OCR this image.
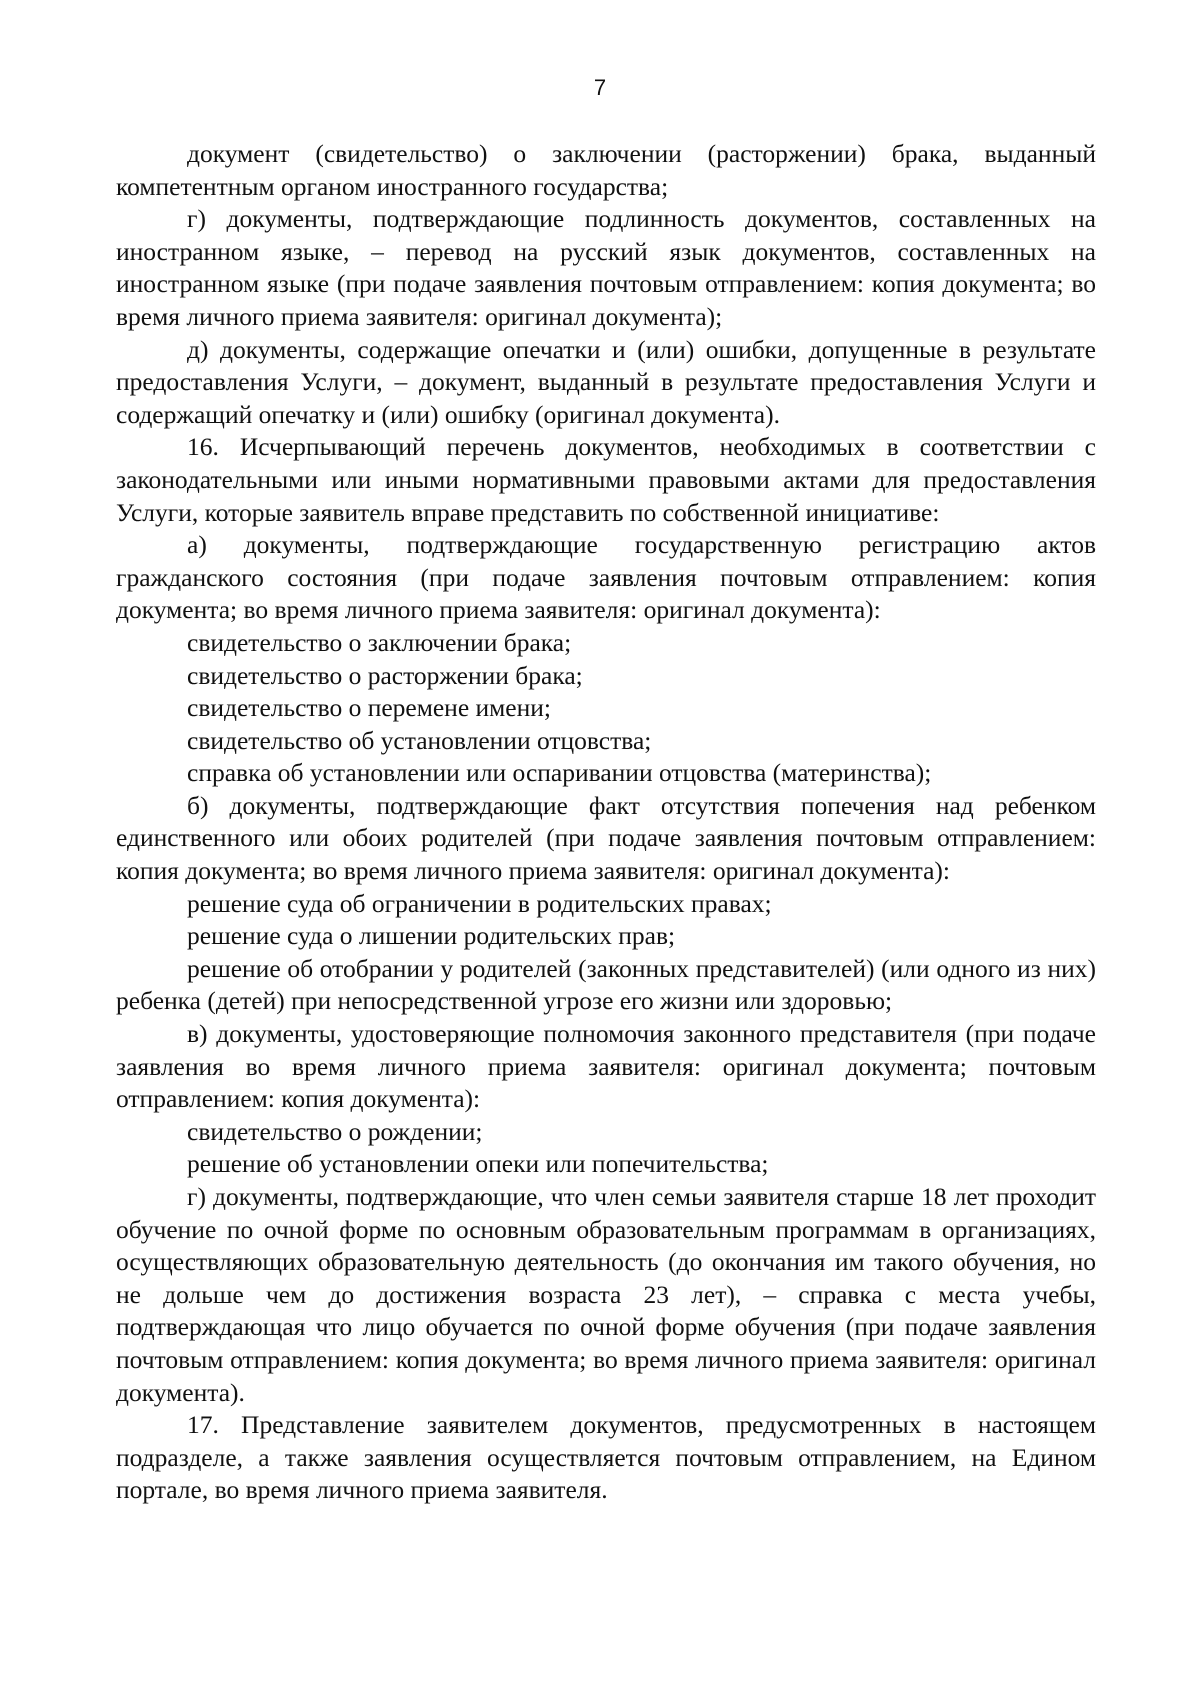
7

документ (свидетельство) о заключении (расторжении) брака, выданный компетентным органом иностранного государства;

г) документы, подтверждающие подлинность документов, составленных на иностранном языке, – перевод на русский язык документов, составленных на иностранном языке (при подаче заявления почтовым отправлением: копия документа; во время личного приема заявителя: оригинал документа);

д) документы, содержащие опечатки и (или) ошибки, допущенные в результате предоставления Услуги, – документ, выданный в результате предоставления Услуги и содержащий опечатку и (или) ошибку (оригинал документа).

16. Исчерпывающий перечень документов, необходимых в соответствии с законодательными или иными нормативными правовыми актами для предоставления Услуги, которые заявитель вправе представить по собственной инициативе:

а) документы, подтверждающие государственную регистрацию актов гражданского состояния (при подаче заявления почтовым отправлением: копия документа; во время личного приема заявителя: оригинал документа):

свидетельство о заключении брака;

свидетельство о расторжении брака;

свидетельство о перемене имени;

свидетельство об установлении отцовства;

справка об установлении или оспаривании отцовства (материнства);

б) документы, подтверждающие факт отсутствия попечения над ребенком единственного или обоих родителей (при подаче заявления почтовым отправлением: копия документа; во время личного приема заявителя: оригинал документа):

решение суда об ограничении в родительских правах;

решение суда о лишении родительских прав;

решение об отобрании у родителей (законных представителей) (или одного из них) ребенка (детей) при непосредственной угрозе его жизни или здоровью;

в) документы, удостоверяющие полномочия законного представителя (при подаче заявления во время личного приема заявителя: оригинал документа; почтовым отправлением: копия документа):

свидетельство о рождении;

решение об установлении опеки или попечительства;

г) документы, подтверждающие, что член семьи заявителя старше 18 лет проходит обучение по очной форме по основным образовательным программам в организациях, осуществляющих образовательную деятельность (до окончания им такого обучения, но не дольше чем до достижения возраста 23 лет), – справка с места учебы, подтверждающая что лицо обучается по очной форме обучения (при подаче заявления почтовым отправлением: копия документа; во время личного приема заявителя: оригинал документа).

17. Представление заявителем документов, предусмотренных в настоящем подразделе, а также заявления осуществляется почтовым отправлением, на Едином портале, во время личного приема заявителя.
